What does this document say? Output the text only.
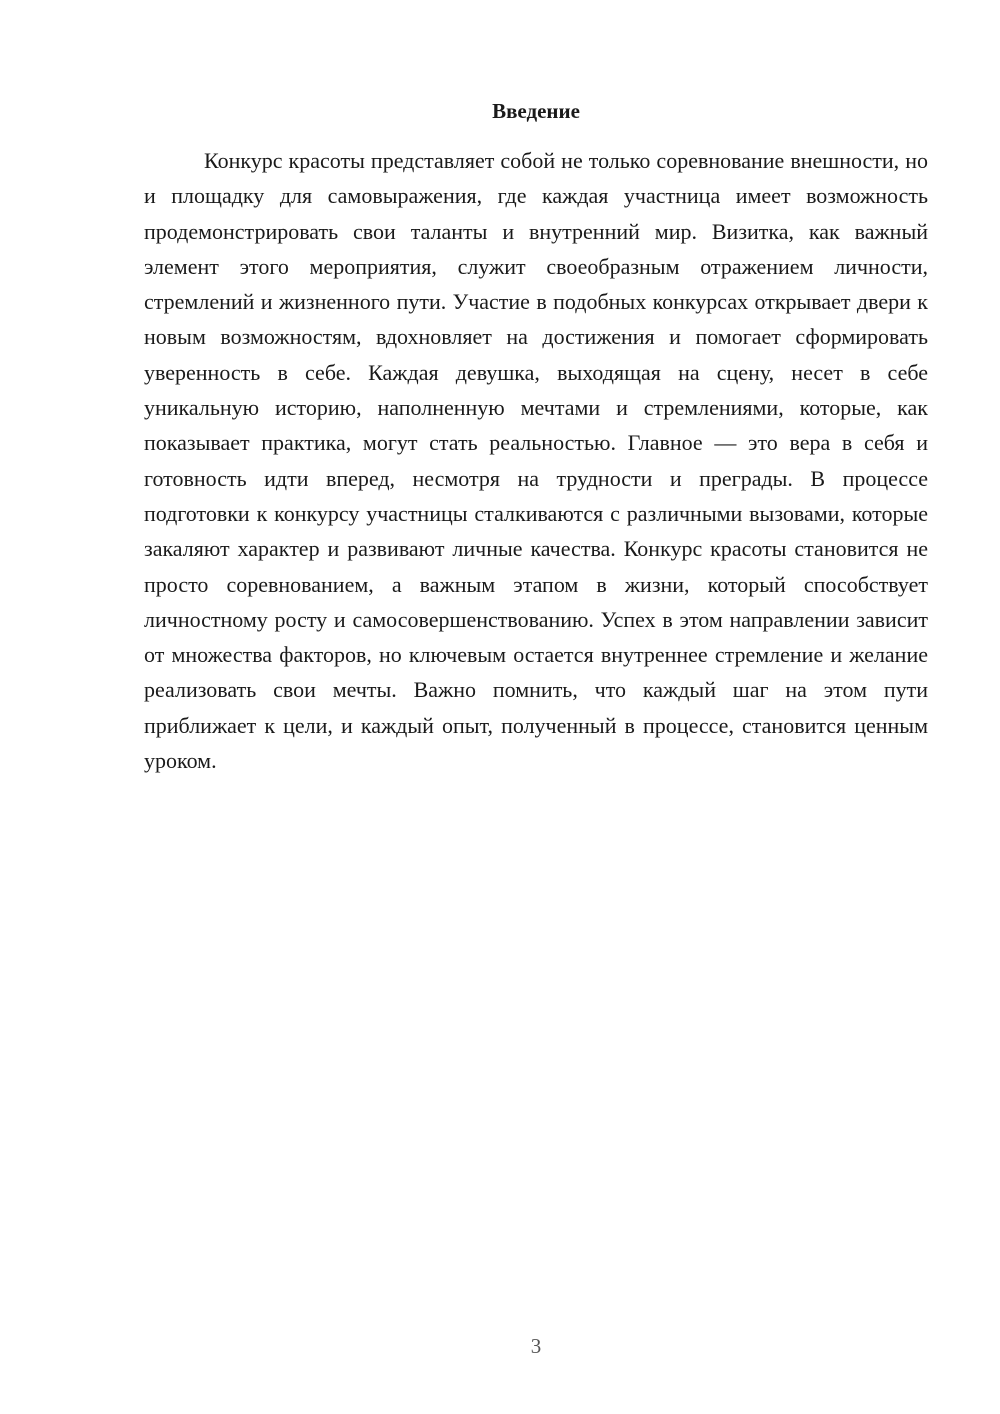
Введение

Конкурс красоты представляет собой не только соревнование внешности, но и площадку для самовыражения, где каждая участница имеет возможность продемонстрировать свои таланты и внутренний мир. Визитка, как важный элемент этого мероприятия, служит своеобразным отражением личности, стремлений и жизненного пути. Участие в подобных конкурсах открывает двери к новым возможностям, вдохновляет на достижения и помогает сформировать уверенность в себе. Каждая девушка, выходящая на сцену, несет в себе уникальную историю, наполненную мечтами и стремлениями, которые, как показывает практика, могут стать реальностью. Главное — это вера в себя и готовность идти вперед, несмотря на трудности и преграды. В процессе подготовки к конкурсу участницы сталкиваются с различными вызовами, которые закаляют характер и развивают личные качества. Конкурс красоты становится не просто соревнованием, а важным этапом в жизни, который способствует личностному росту и самосовершенствованию. Успех в этом направлении зависит от множества факторов, но ключевым остается внутреннее стремление и желание реализовать свои мечты. Важно помнить, что каждый шаг на этом пути приближает к цели, и каждый опыт, полученный в процессе, становится ценным уроком.

3
